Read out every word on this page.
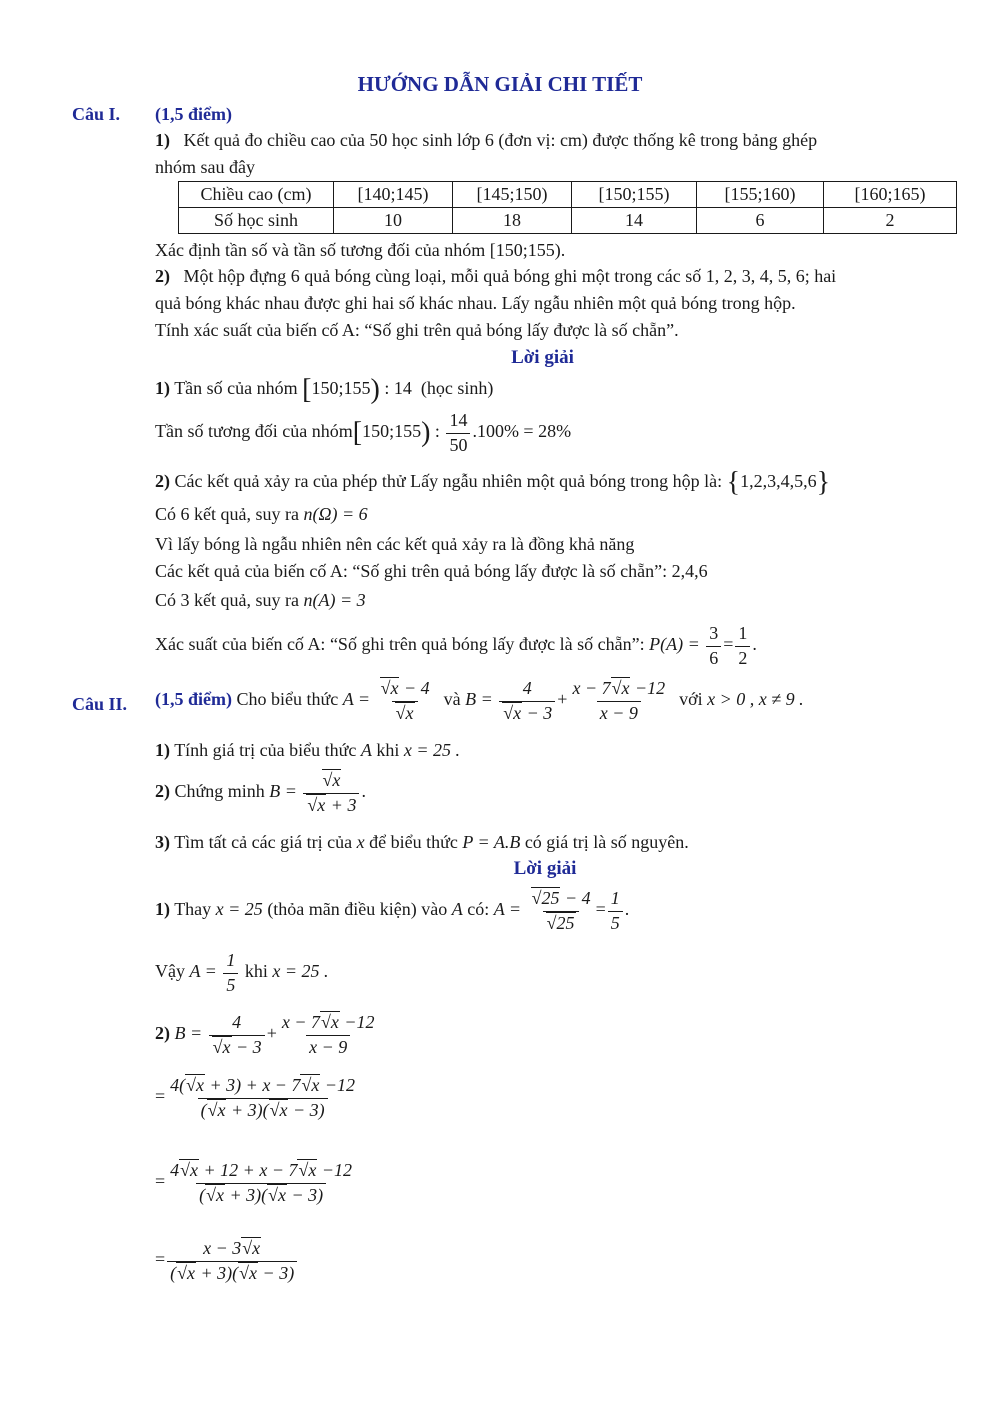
HƯỚNG DẪN GIẢI CHI TIẾT
Câu I. (1,5 điểm)
1) Kết quả đo chiều cao của 50 học sinh lớp 6 (đơn vị: cm) được thống kê trong bảng ghép
nhóm sau đây
Chiều cao (cm)	[140;145)	[145;150)	[150;155)	[155;160)	[160;165)
Số học sinh	10	18	14	6	2
Xác định tần số và tần số tương đối của nhóm [150;155).
2) Một hộp đựng 6 quả bóng cùng loại, mỗi quả bóng ghi một trong các số 1, 2, 3, 4, 5, 6; hai
quả bóng khác nhau được ghi hai số khác nhau. Lấy ngẫu nhiên một quả bóng trong hộp.
Tính xác suất của biến cố A: “Số ghi trên quả bóng lấy được là số chẵn”.
Lời giải
1) Tần số của nhóm [150;155) : 14 (học sinh)
Tần số tương đối của nhóm[150;155) : $\frac{14}{50} .100\% = 28\%$
2) Các kết quả xảy ra của phép thử Lấy ngẫu nhiên một quả bóng trong hộp là: {1,2,3,4,5,6}
Có 6 kết quả, suy ra n(Ω) = 6
Vì lấy bóng là ngẫu nhiên nên các kết quả xảy ra là đồng khả năng
Các kết quả của biến cố A: “Số ghi trên quả bóng lấy được là số chẵn”: 2,4,6
Có 3 kết quả, suy ra n(A) = 3
Xác suất của biến cố A: “Số ghi trên quả bóng lấy được là số chẵn”: $P(A) = \frac{3}{6} = \frac{1}{2}$ .
Câu II. (1,5 điểm) Cho biểu thức $A = \frac{√x - 4}{√x}$ và $B = \frac{4}{√x - 3} + \frac{x - 7√x -12}{x - 9}$ với x > 0 , x ≠ 9 .
1) Tính giá trị của biểu thức A khi x = 25 .
2) Chứng minh $B = \frac{√x}{√x + 3}$ .
3) Tìm tất cả các giá trị của x để biểu thức P = A.B có giá trị là số nguyên.
Lời giải
1) Thay x = 25 (thỏa mãn điều kiện) vào A có: $A = \frac{√25 - 4}{√25} = \frac{1}{5}$ .
Vậy $A = \frac{1}{5}$ khi x = 25 .
2) $B = \frac{4}{√x - 3} + \frac{x - 7√x -12}{x - 9}$
= $\frac{4(√x + 3) + x - 7√x -12}{(√x + 3)(√x - 3)}$
= $\frac{4√x + 12 + x - 7√x -12}{(√x + 3)(√x - 3)}$
= $\frac{x - 3√x}{(√x + 3)(√x - 3)}$
